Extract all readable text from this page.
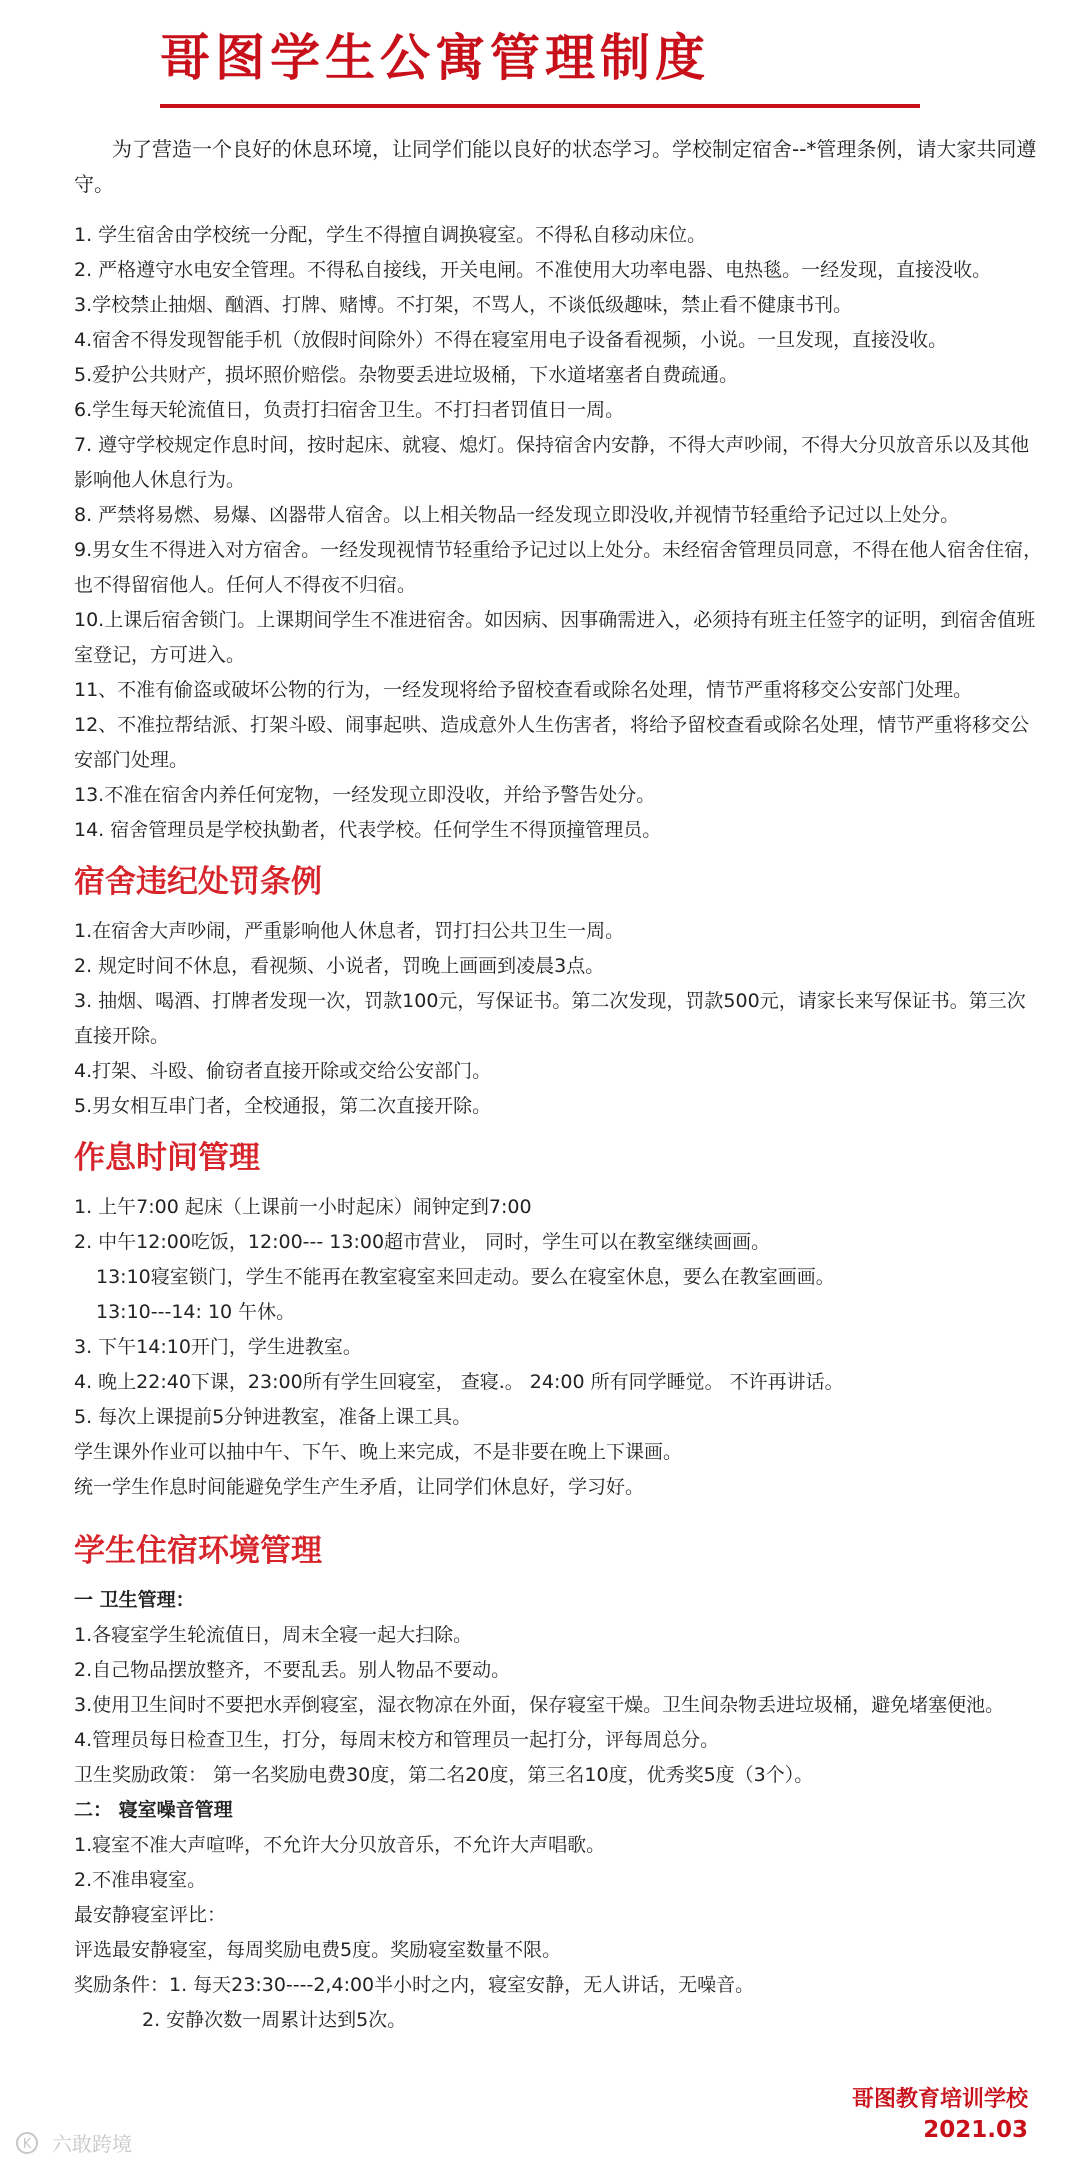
哥图学生公寓管理制度

为了营造一个良好的休息环境，让同学们能以良好的状态学习。学校制定宿舍--*管理条例，请大家共同遵守。

1. 学生宿舍由学校统一分配，学生不得擅自调换寝室。不得私自移动床位。

2. 严格遵守水电安全管理。不得私自接线，开关电闸。不准使用大功率电器、电热毯。一经发现，直接没收。

3.学校禁止抽烟、酗酒、打牌、赌博。不打架，不骂人，不谈低级趣味，禁止看不健康书刊。

4.宿舍不得发现智能手机（放假时间除外）不得在寝室用电子设备看视频，小说。一旦发现，直接没收。

5.爱护公共财产，损坏照价赔偿。杂物要丢进垃圾桶，下水道堵塞者自费疏通。

6.学生每天轮流值日，负责打扫宿舍卫生。不打扫者罚值日一周。

7. 遵守学校规定作息时间，按时起床、就寝、熄灯。保持宿舍内安静，不得大声吵闹，不得大分贝放音乐以及其他影响他人休息行为。

8. 严禁将易燃、易爆、凶器带人宿舍。以上相关物品一经发现立即没收,并视情节轻重给予记过以上处分。

9.男女生不得进入对方宿舍。一经发现视情节轻重给予记过以上处分。未经宿舍管理员同意，不得在他人宿舍住宿，也不得留宿他人。任何人不得夜不归宿。

10.上课后宿舍锁门。上课期间学生不准进宿舍。如因病、因事确需进入，必须持有班主任签字的证明，到宿舍值班室登记，方可进入。

11、不准有偷盗或破坏公物的行为，一经发现将给予留校查看或除名处理，情节严重将移交公安部门处理。

12、不准拉帮结派、打架斗殴、闹事起哄、造成意外人生伤害者，将给予留校查看或除名处理，情节严重将移交公安部门处理。

13.不准在宿舍内养任何宠物，一经发现立即没收，并给予警告处分。

14. 宿舍管理员是学校执勤者，代表学校。任何学生不得顶撞管理员。

宿舍违纪处罚条例

1.在宿舍大声吵闹，严重影响他人休息者，罚打扫公共卫生一周。

2. 规定时间不休息，看视频、小说者，罚晚上画画到凌晨3点。

3. 抽烟、喝酒、打牌者发现一次，罚款100元，写保证书。第二次发现，罚款500元，请家长来写保证书。第三次直接开除。

4.打架、斗殴、偷窃者直接开除或交给公安部门。

5.男女相互串门者，全校通报，第二次直接开除。

作息时间管理

1. 上午7:00 起床（上课前一小时起床）闹钟定到7:00

2. 中午12:00吃饭，12:00--- 13:00超市营业， 同时，学生可以在教室继续画画。

13:10寝室锁门，学生不能再在教室寝室来回走动。要么在寝室休息，要么在教室画画。

13:10---14: 10 午休。

3. 下午14:10开门，学生进教室。

4. 晚上22:40下课，23:00所有学生回寝室， 查寝.。 24:00 所有同学睡觉。 不许再讲话。

5. 每次上课提前5分钟进教室，准备上课工具。

学生课外作业可以抽中午、下午、晚上来完成，不是非要在晚上下课画。

统一学生作息时间能避免学生产生矛盾，让同学们休息好，学习好。

学生住宿环境管理

一 卫生管理：

1.各寝室学生轮流值日，周末全寝一起大扫除。

2.自己物品摆放整齐，不要乱丢。别人物品不要动。

3.使用卫生间时不要把水弄倒寝室，湿衣物凉在外面，保存寝室干燥。卫生间杂物丢进垃圾桶，避免堵塞便池。

4.管理员每日检查卫生，打分，每周末校方和管理员一起打分，评每周总分。

卫生奖励政策： 第一名奖励电费30度，第二名20度，第三名10度，优秀奖5度（3个）。

二： 寝室噪音管理

1.寝室不准大声喧哗，不允许大分贝放音乐，不允许大声唱歌。

2.不准串寝室。

最安静寝室评比：

评选最安静寝室，每周奖励电费5度。奖励寝室数量不限。

奖励条件：1. 每天23:30----2,4:00半小时之内，寝室安静，无人讲话，无噪音。

2. 安静次数一周累计达到5次。

哥图教育培训学校
2021.03
K 六敢跨境
